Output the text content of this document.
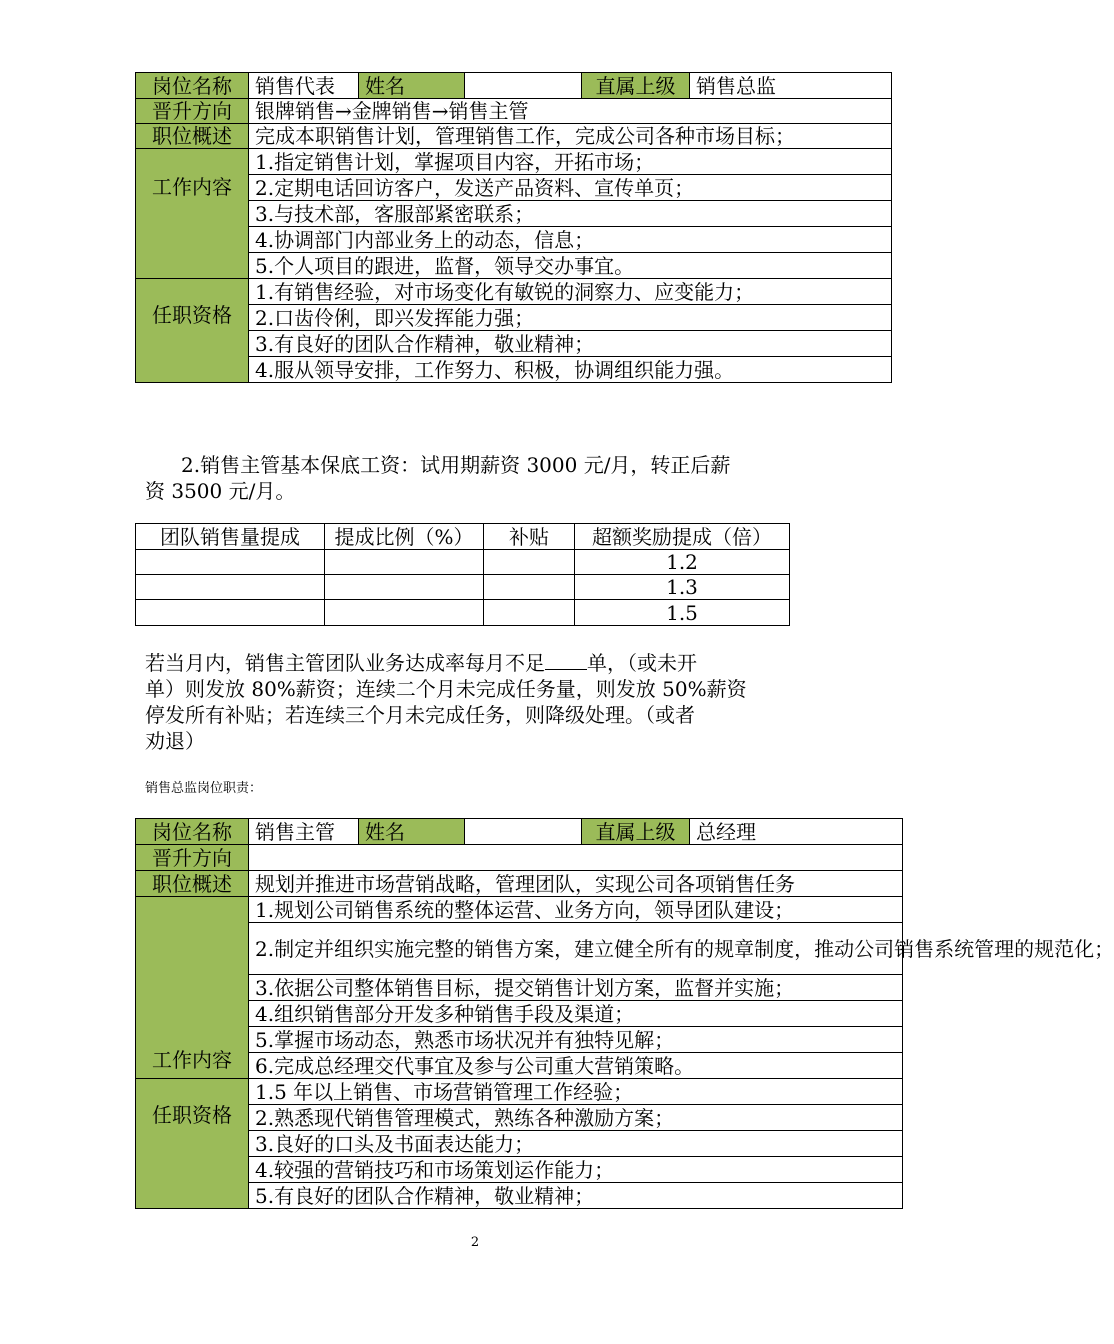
岗位名称	销售代表	姓名		直属上级	销售总监
晋升方向	银牌销售→金牌销售→销售主管				
职位概述	完成本职销售计划，管理销售工作，完成公司各种市场目标；				
工作内容	1.指定销售计划，掌握项目内容，开拓市场；				
	2.定期电话回访客户，发送产品资料、宣传单页；				
	3.与技术部，客服部紧密联系；				
	4.协调部门内部业务上的动态，信息；				
	5.个人项目的跟进，监督，领导交办事宜。				
任职资格	1.有销售经验，对市场变化有敏锐的洞察力、应变能力；				
	2.口齿伶俐，即兴发挥能力强；				
	3.有良好的团队合作精神，敬业精神；				
	4.服从领导安排，工作努力、积极，协调组织能力强。				
2.销售主管基本保底工资：试用期薪资 3000 元/月，转正后薪
资 3500 元/月。
团队销售量提成	提成比例（%）	补贴	超额奖励提成（倍）
			1.2
			1.3
			1.5
若当月内，销售主管团队业务达成率每月不足 单，（或未开
单）则发放 80%薪资；连续二个月未完成任务量，则发放 50%薪资
停发所有补贴；若连续三个月未完成任务，则降级处理。（或者
劝退）
销售总监岗位职责：
岗位名称	销售主管	姓名		直属上级	总经理
晋升方向					
职位概述	规划并推进市场营销战略，管理团队，实现公司各项销售任务				
工作内容	1.规划公司销售系统的整体运营、业务方向，领导团队建设；				
	2.制定并组织实施完整的销售方案，建立健全所有的规章制度，推动公司销售系统管理的规范化；				
	3.依据公司整体销售目标，提交销售计划方案，监督并实施；				
	4.组织销售部分开发多种销售手段及渠道；				
	5.掌握市场动态，熟悉市场状况并有独特见解；				
	6.完成总经理交代事宜及参与公司重大营销策略。				
任职资格	1.5 年以上销售、市场营销管理工作经验；				
	2.熟悉现代销售管理模式，熟练各种激励方案；				
	3.良好的口头及书面表达能力；				
	4.较强的营销技巧和市场策划运作能力；				
	5.有良好的团队合作精神，敬业精神；				
2
